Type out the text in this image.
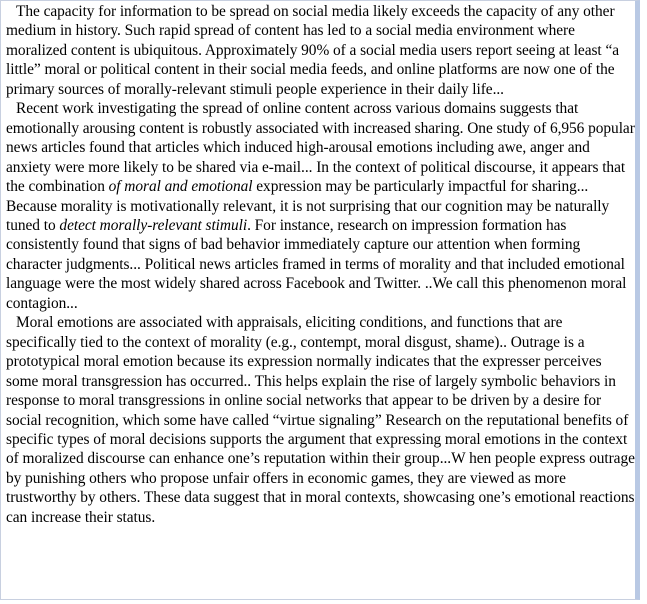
The capacity for information to be spread on social media likely exceeds the capacity of any other medium in history. Such rapid spread of content has led to a social media environment where moralized content is ubiquitous. Approximately 90% of a social media users report seeing at least “a little” moral or political content in their social media feeds, and online platforms are now one of the primary sources of morally-relevant stimuli people experience in their daily life...

Recent work investigating the spread of online content across various domains suggests that emotionally arousing content is robustly associated with increased sharing. One study of 6,956 popular news articles found that articles which induced high-arousal emotions including awe, anger and anxiety were more likely to be shared via e-mail... In the context of political discourse, it appears that the combination of moral and emotional expression may be particularly impactful for sharing... Because morality is motivationally relevant, it is not surprising that our cognition may be naturally tuned to detect morally-relevant stimuli. For instance, research on impression formation has consistently found that signs of bad behavior immediately capture our attention when forming character judgments... Political news articles framed in terms of morality and that included emotional language were the most widely shared across Facebook and Twitter. ..We call this phenomenon moral contagion...

Moral emotions are associated with appraisals, eliciting conditions, and functions that are specifically tied to the context of morality (e.g., contempt, moral disgust, shame).. Outrage is a prototypical moral emotion because its expression normally indicates that the expresser perceives some moral transgression has occurred.. This helps explain the rise of largely symbolic behaviors in response to moral transgressions in online social networks that appear to be driven by a desire for social recognition, which some have called “virtue signaling” Research on the reputational benefits of specific types of moral decisions supports the argument that expressing moral emotions in the context of moralized discourse can enhance one’s reputation within their group...W hen people express outrage by punishing others who propose unfair offers in economic games, they are viewed as more trustworthy by others. These data suggest that in moral contexts, showcasing one’s emotional reactions can increase their status.
